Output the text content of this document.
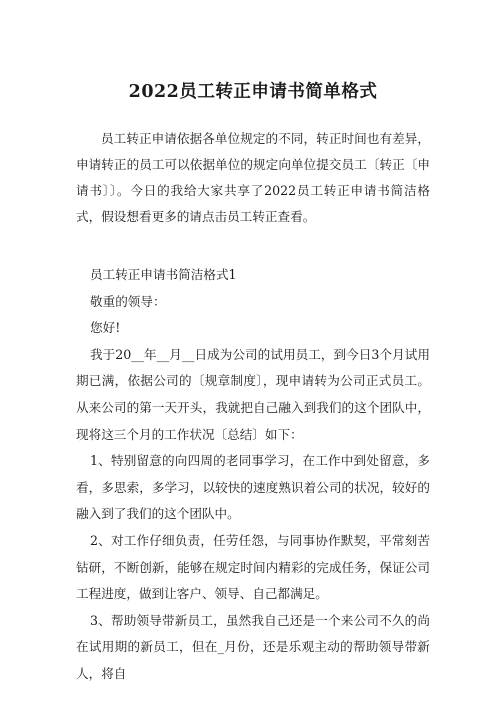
2022员工转正申请书简单格式

员工转正申请依据各单位规定的不同，转正时间也有差异，申请转正的员工可以依据单位的规定向单位提交员工〔转正〔申请书〕〕。今日的我给大家共享了2022员工转正申请书简洁格式，假设想看更多的请点击员工转正查看。

员工转正申请书简洁格式1

敬重的领导：

您好!

我于20__年__月__日成为公司的试用员工，到今日3个月试用期已满，依据公司的〔规章制度〕，现申请转为公司正式员工。从来公司的第一天开头，我就把自己融入到我们的这个团队中，现将这三个月的工作状况〔总结〕如下：

1、特别留意的向四周的老同事学习，在工作中到处留意，多看，多思索，多学习，以较快的速度熟识着公司的状况，较好的融入到了我们的这个团队中。

2、对工作仔细负责，任劳任怨，与同事协作默契，平常刻苦钻研，不断创新，能够在规定时间内精彩的完成任务，保证公司工程进度，做到让客户、领导、自己都满足。

3、帮助领导带新员工，虽然我自己还是一个来公司不久的尚在试用期的新员工，但在_月份，还是乐观主动的帮助领导带新人，将自
